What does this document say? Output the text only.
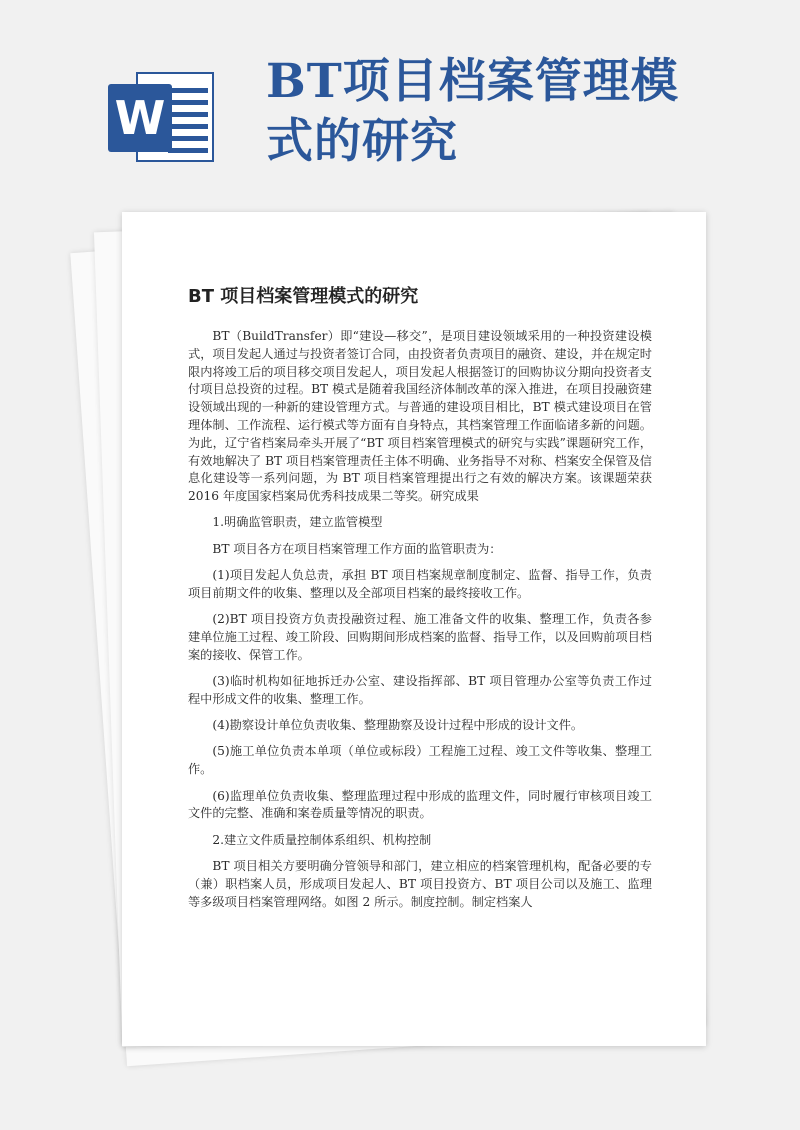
W
BT项目档案管理模式的研究
BT 项目档案管理模式的研究

BT（BuildTransfer）即“建设—移交”，是项目建设领域采用的一种投资建设模式，项目发起人通过与投资者签订合同，由投资者负责项目的融资、建设，并在规定时限内将竣工后的项目移交项目发起人，项目发起人根据签订的回购协议分期向投资者支付项目总投资的过程。BT 模式是随着我国经济体制改革的深入推进，在项目投融资建设领域出现的一种新的建设管理方式。与普通的建设项目相比，BT 模式建设项目在管理体制、工作流程、运行模式等方面有自身特点，其档案管理工作面临诸多新的问题。为此，辽宁省档案局牵头开展了“BT 项目档案管理模式的研究与实践”课题研究工作，有效地解决了 BT 项目档案管理责任主体不明确、业务指导不对称、档案安全保管及信息化建设等一系列问题，为 BT 项目档案管理提出行之有效的解决方案。该课题荣获 2016 年度国家档案局优秀科技成果二等奖。研究成果

1.明确监管职责，建立监管模型

BT 项目各方在项目档案管理工作方面的监管职责为：

(1)项目发起人负总责，承担 BT 项目档案规章制度制定、监督、指导工作，负责项目前期文件的收集、整理以及全部项目档案的最终接收工作。

(2)BT 项目投资方负责投融资过程、施工准备文件的收集、整理工作，负责各参建单位施工过程、竣工阶段、回购期间形成档案的监督、指导工作，以及回购前项目档案的接收、保管工作。

(3)临时机构如征地拆迁办公室、建设指挥部、BT 项目管理办公室等负责工作过程中形成文件的收集、整理工作。

(4)勘察设计单位负责收集、整理勘察及设计过程中形成的设计文件。

(5)施工单位负责本单项（单位或标段）工程施工过程、竣工文件等收集、整理工作。

(6)监理单位负责收集、整理监理过程中形成的监理文件，同时履行审核项目竣工文件的完整、准确和案卷质量等情况的职责。

2.建立文件质量控制体系组织、机构控制

BT 项目相关方要明确分管领导和部门，建立相应的档案管理机构，配备必要的专（兼）职档案人员，形成项目发起人、BT 项目投资方、BT 项目公司以及施工、监理等多级项目档案管理网络。如图 2 所示。制度控制。制定档案人
